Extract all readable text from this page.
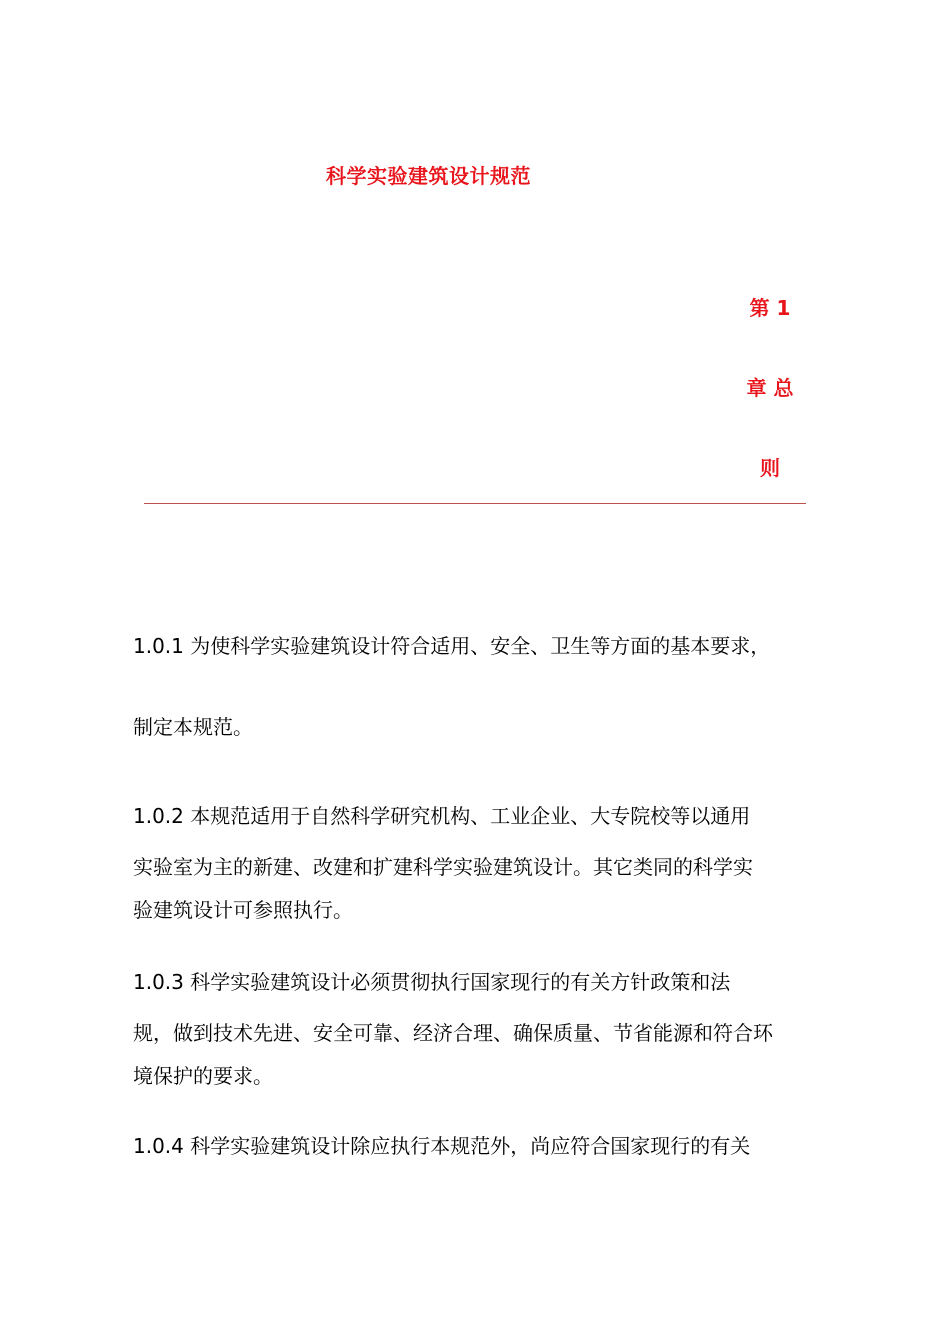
科学实验建筑设计规范
第 1
章 总
则
1.0.1 为使科学实验建筑设计符合适用、安全、卫生等方面的基本要求，
制定本规范。
1.0.2 本规范适用于自然科学研究机构、工业企业、大专院校等以通用
实验室为主的新建、改建和扩建科学实验建筑设计。其它类同的科学实
验建筑设计可参照执行。
1.0.3 科学实验建筑设计必须贯彻执行国家现行的有关方针政策和法
规，做到技术先进、安全可靠、经济合理、确保质量、节省能源和符合环
境保护的要求。
1.0.4 科学实验建筑设计除应执行本规范外，尚应符合国家现行的有关
